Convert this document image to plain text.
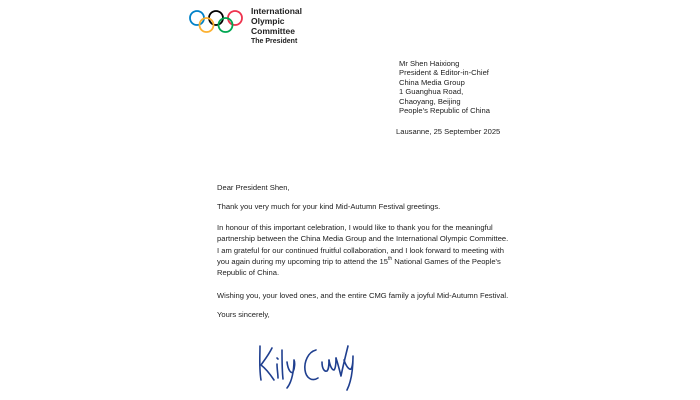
International
Olympic
Committee
The President
Mr Shen Haixiong
President & Editor-in-Chief
China Media Group
1 Guanghua Road,
Chaoyang, Beijing
People's Republic of China
Lausanne, 25 September 2025
Dear President Shen,
Thank you very much for your kind Mid-Autumn Festival greetings.
In honour of this important celebration, I would like to thank you for the meaningful
partnership between the China Media Group and the International Olympic Committee.
I am grateful for our continued fruitful collaboration, and I look forward to meeting with
you again during my upcoming trip to attend the 15th National Games of the People's
Republic of China.
Wishing you, your loved ones, and the entire CMG family a joyful Mid-Autumn Festival.
Yours sincerely,
